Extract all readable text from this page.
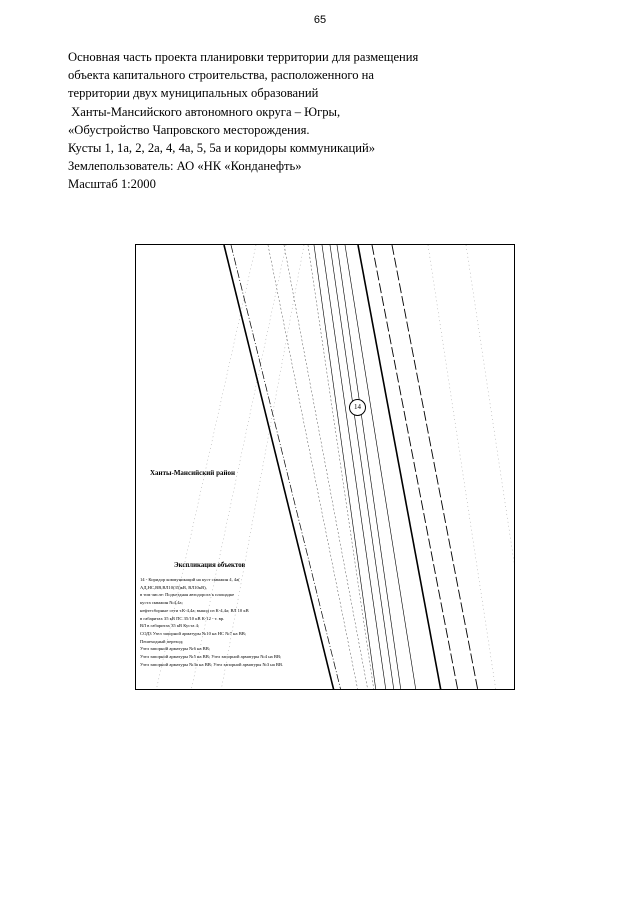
65
Основная часть проекта планировки территории для размещения
объекта капитального строительства, расположенного на
территории двух муниципальных образований
Ханты-Мансийского автономного округа – Югры,
«Обустройство Чапровского месторождения.
Кусты 1, 1а, 2, 2а, 4, 4а, 5, 5а и коридоры коммуникаций»
Землепользователь: АО «НК «Конданефть»
Масштаб 1:2000
14
Ханты-Мансийский район
Экспликация объектов
14 - Коридор коммуникаций на куст скважин 4, 4а(
АД,НС,ВВ,ВЛ10(35)кВ, ВЛ10кВ),
в том числе: Подъездная автодорога к площадке
куста скважин №4,4а;
нефтесборные сети т.К-4,4а; выкид из К-4,4а; ВЛ 10 кВ
в габаритах 35 кВ ПС 35/10 кВ К-12 - т. вр.
ВЛ в габаритах 35 кВ Куста 4;
СОД3 Узел запорной арматуры №10 на НС №7 на ВВ;
Пешеходный переход;
Узел запорной арматуры №6 на ВВ;
Узел запорной арматуры №5 на ВВ; Узел запорной арматуры №4 на ВВ;
Узел запорной арматуры №3а на ВВ; Узел запорной арматуры №3 на ВВ.
